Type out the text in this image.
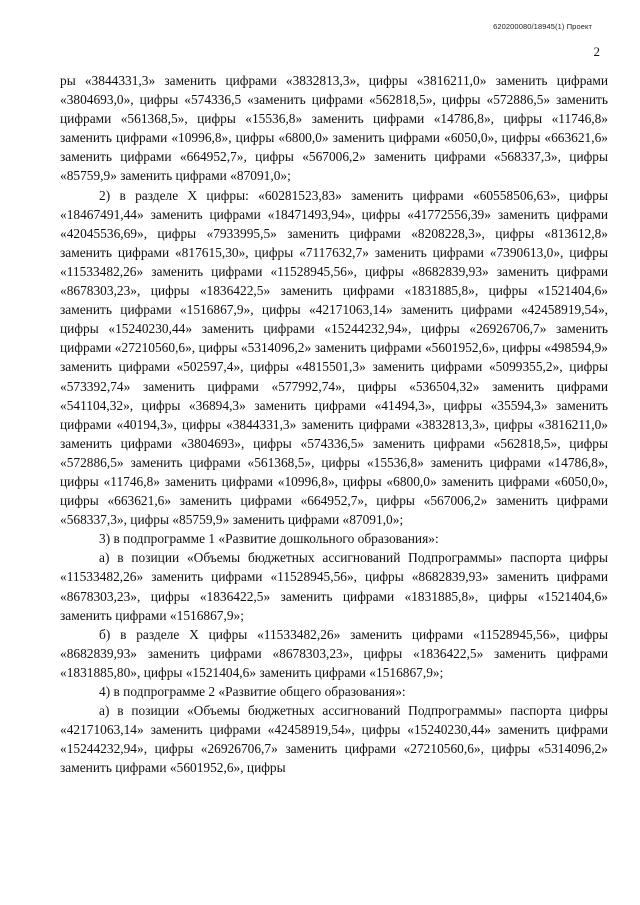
620200080/18945(1) Проект
2

ры «3844331,3» заменить цифрами «3832813,3», цифры «3816211,0» заменить цифрами «3804693,0», цифры «574336,5 «заменить цифрами «562818,5», цифры «572886,5» заменить цифрами «561368,5», цифры «15536,8» заменить цифрами «14786,8», цифры «11746,8» заменить цифрами «10996,8», цифры «6800,0» заменить цифрами «6050,0», цифры «663621,6» заменить цифрами «664952,7», цифры «567006,2» заменить цифрами «568337,3», цифры «85759,9» заменить цифрами «87091,0»;

2) в разделе X цифры: «60281523,83» заменить цифрами «60558506,63», цифры «18467491,44» заменить цифрами «18471493,94», цифры «41772556,39» заменить цифрами «42045536,69», цифры «7933995,5» заменить цифрами «8208228,3», цифры «813612,8» заменить цифрами «817615,30», цифры «7117632,7» заменить цифрами «7390613,0», цифры «11533482,26» заменить цифрами «11528945,56», цифры «8682839,93» заменить цифрами «8678303,23», цифры «1836422,5» заменить цифрами «1831885,8», цифры «1521404,6» заменить цифрами «1516867,9», цифры «42171063,14» заменить цифрами «42458919,54», цифры «15240230,44» заменить цифрами «15244232,94», цифры «26926706,7» заменить цифрами «27210560,6», цифры «5314096,2» заменить цифрами «5601952,6», цифры «498594,9» заменить цифрами «502597,4», цифры «4815501,3» заменить цифрами «5099355,2», цифры «573392,74» заменить цифрами «577992,74», цифры «536504,32» заменить цифрами «541104,32», цифры «36894,3» заменить цифрами «41494,3», цифры «35594,3» заменить цифрами «40194,3», цифры «3844331,3» заменить цифрами «3832813,3», цифры «3816211,0» заменить цифрами «3804693», цифры «574336,5» заменить цифрами «562818,5», цифры «572886,5» заменить цифрами «561368,5», цифры «15536,8» заменить цифрами «14786,8», цифры «11746,8» заменить цифрами «10996,8», цифры «6800,0» заменить цифрами «6050,0», цифры «663621,6» заменить цифрами «664952,7», цифры «567006,2» заменить цифрами «568337,3», цифры «85759,9» заменить цифрами «87091,0»;

3) в подпрограмме 1 «Развитие дошкольного образования»:

а) в позиции «Объемы бюджетных ассигнований Подпрограммы» паспорта цифры «11533482,26» заменить цифрами «11528945,56», цифры «8682839,93» заменить цифрами «8678303,23», цифры «1836422,5» заменить цифрами «1831885,8», цифры «1521404,6» заменить цифрами «1516867,9»;

б) в разделе X цифры «11533482,26» заменить цифрами «11528945,56», цифры «8682839,93» заменить цифрами «8678303,23», цифры «1836422,5» заменить цифрами «1831885,80», цифры «1521404,6» заменить цифрами «1516867,9»;

4) в подпрограмме 2 «Развитие общего образования»:

а) в позиции «Объемы бюджетных ассигнований Подпрограммы» паспорта цифры «42171063,14» заменить цифрами «42458919,54», цифры «15240230,44» заменить цифрами «15244232,94», цифры «26926706,7» заменить цифрами «27210560,6», цифры «5314096,2» заменить цифрами «5601952,6», цифры
